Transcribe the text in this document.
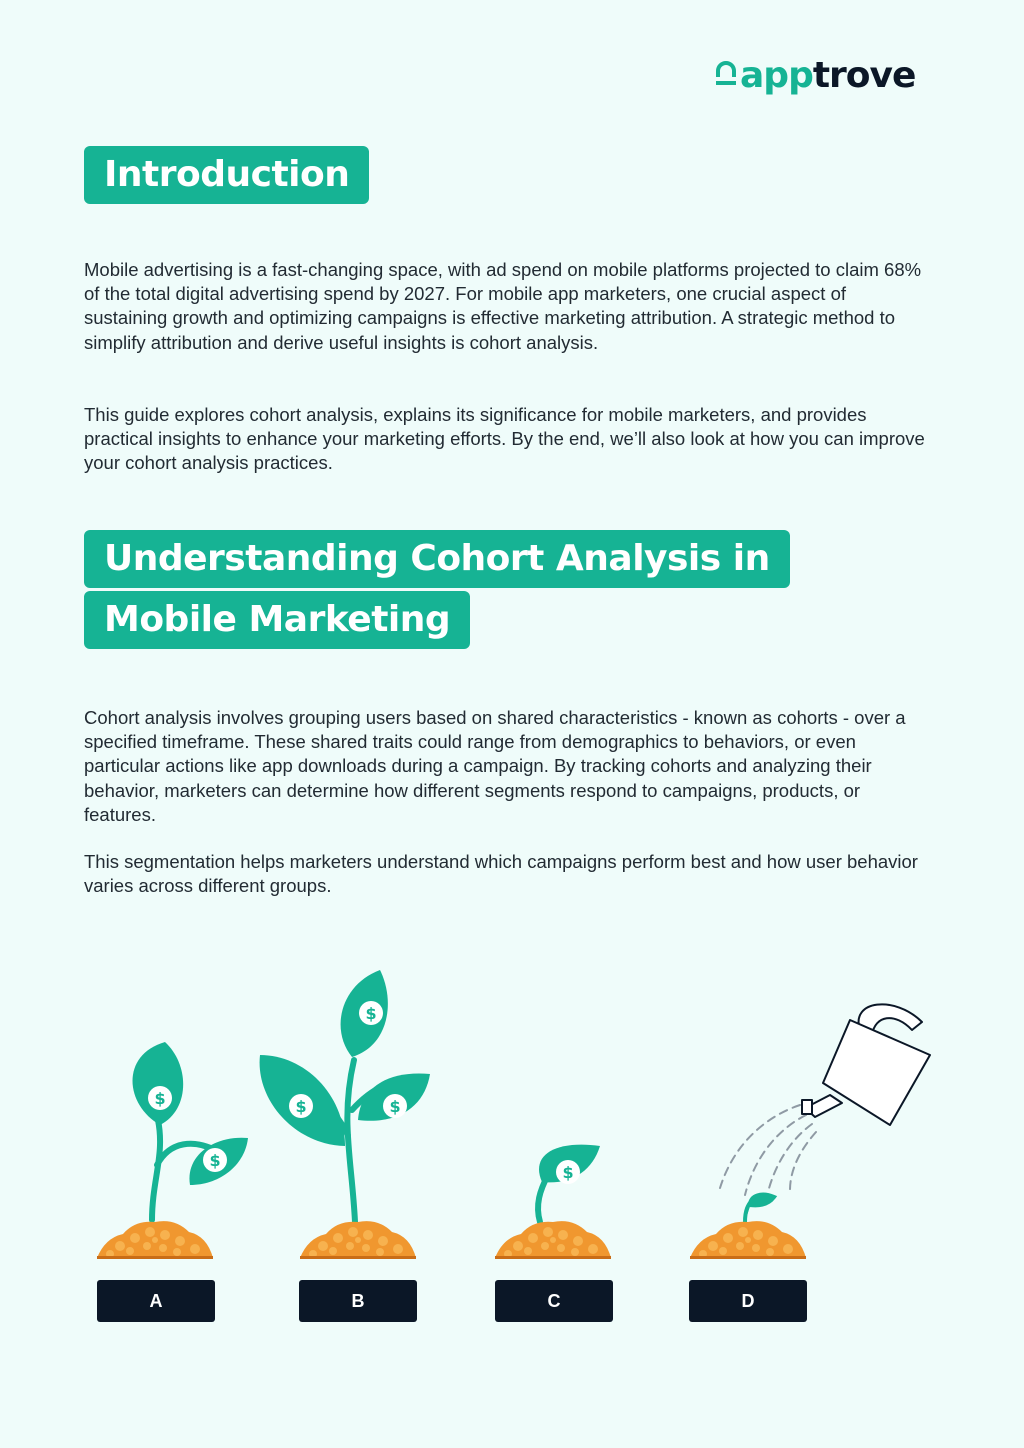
app trove
Introduction

Mobile advertising is a fast-changing space, with ad spend on mobile platforms projected to claim 68% of the total digital advertising spend by 2027. For mobile app marketers, one crucial aspect of sustaining growth and optimizing campaigns is effective marketing attribution. A strategic method to simplify attribution and derive useful insights is cohort analysis.

This guide explores cohort analysis, explains its significance for mobile marketers, and provides practical insights to enhance your marketing efforts. By the end, we’ll also look at how you can improve your cohort analysis practices.

Understanding Cohort Analysis in
Mobile Marketing

Cohort analysis involves grouping users based on shared characteristics - known as cohorts - over a specified timeframe. These shared traits could range from demographics to behaviors, or even particular actions like app downloads during a campaign. By tracking cohorts and analyzing their behavior, marketers can determine how different segments respond to campaigns, products, or features.

This segmentation helps marketers understand which campaigns perform best and how user behavior varies across different groups.

$
A	B	C	D
